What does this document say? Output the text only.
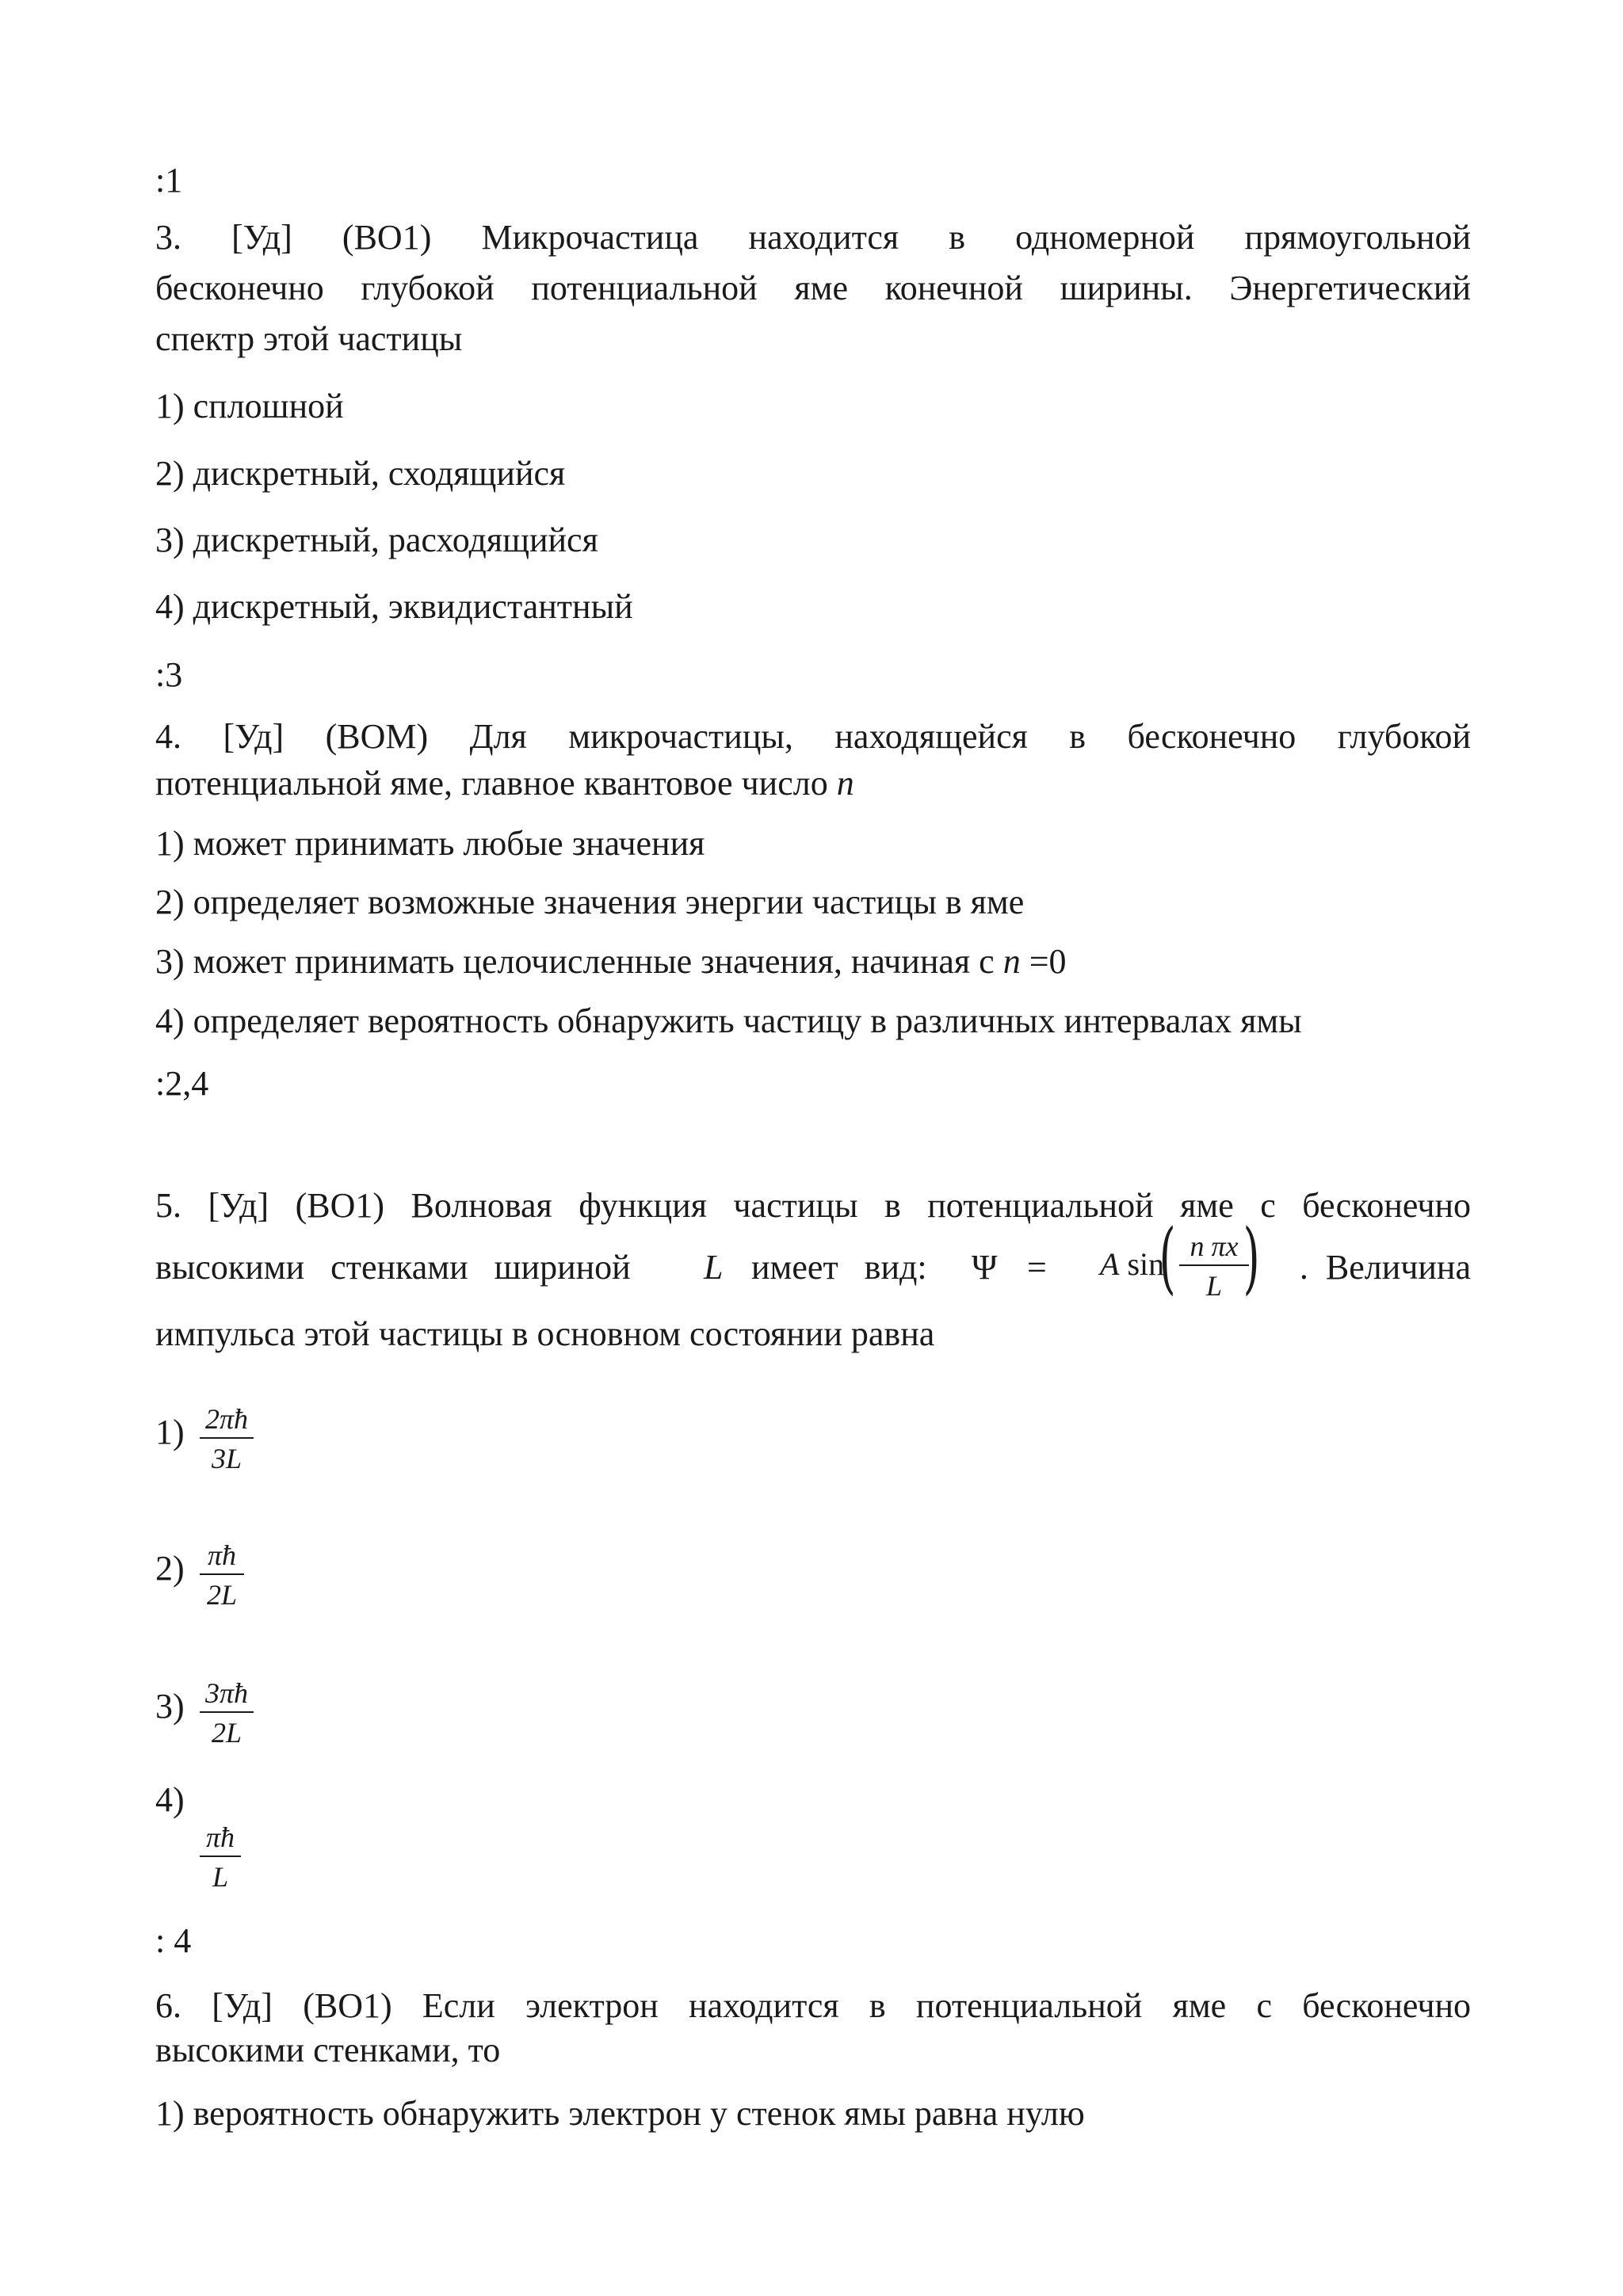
:1
3. [Уд] (ВО1) Микрочастица находится в одномерной прямоугольной
бесконечно глубокой потенциальной яме конечной ширины. Энергетический
спектр этой частицы
1) сплошной
2) дискретный, сходящийся
3) дискретный, расходящийся
4) дискретный, эквидистантный
:3
4. [Уд] (ВОМ) Для микрочастицы, находящейся в бесконечно глубокой
потенциальной яме, главное квантовое число n
1) может принимать любые значения
2) определяет возможные значения энергии частицы в яме
3) может принимать целочисленные значения, начиная с n =0
4) определяет вероятность обнаружить частицу в различных интервалах ямы
:2,4
5. [Уд] (ВО1) Волновая функция частицы в потенциальной яме с бесконечно
высокими   стенками   шириной L имеет   вид: Ψ = A sin
( n πx
L )	.  Величина
импульса этой частицы в основном состоянии равна
1) 2πħ
3L
2) πħ
2L
3) 3πħ
2L
4)
πħ
L
: 4
6. [Уд] (ВО1) Если электрон находится в потенциальной яме с бесконечно
высокими стенками, то
1) вероятность обнаружить электрон у стенок ямы равна нулю
